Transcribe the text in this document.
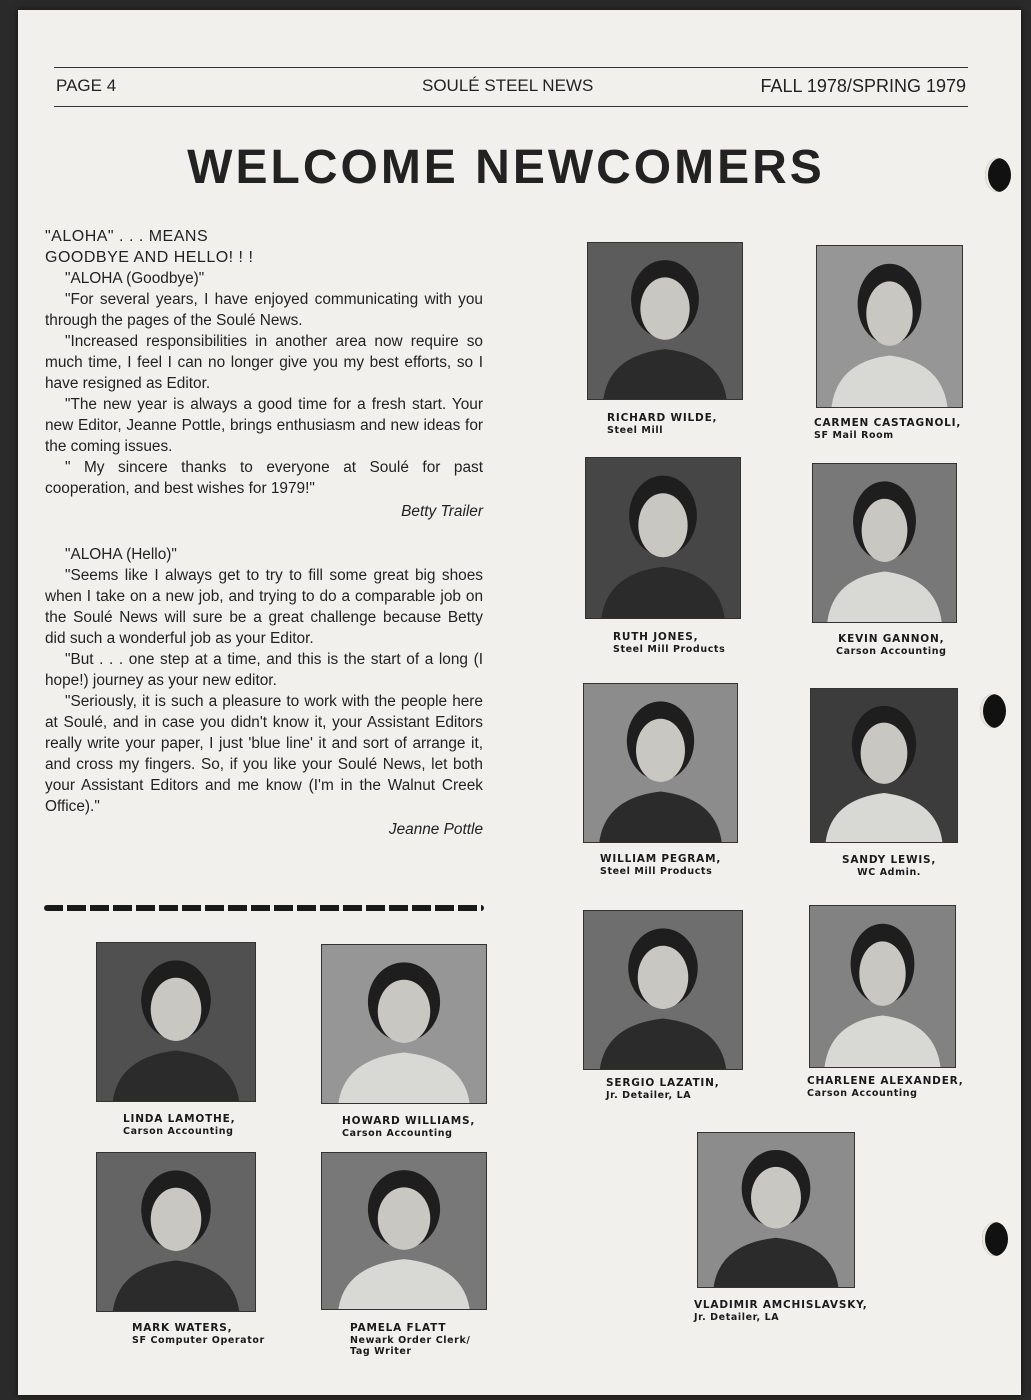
PAGE 4	SOULÉ STEEL NEWS	FALL 1978/SPRING 1979
WELCOME NEWCOMERS
"ALOHA" . . . MEANS
GOODBYE AND HELLO! ! !

"ALOHA (Goodbye)"

"For several years, I have enjoyed communicating with you through the pages of the Soulé News.

"Increased responsibilities in another area now require so much time, I feel I can no longer give you my best efforts, so I have resigned as Editor.

"The new year is always a good time for a fresh start. Your new Editor, Jeanne Pottle, brings enthusiasm and new ideas for the coming issues.

" My sincere thanks to everyone at Soulé for past cooperation, and best wishes for 1979!"

Betty Trailer

"ALOHA (Hello)"

"Seems like I always get to try to fill some great big shoes when I take on a new job, and trying to do a comparable job on the Soulé News will sure be a great challenge because Betty did such a wonderful job as your Editor.

"But . . . one step at a time, and this is the start of a long (I hope!) journey as your new editor.

"Seriously, it is such a pleasure to work with the people here at Soulé, and in case you didn't know it, your Assistant Editors really write your paper, I just 'blue line' it and sort of arrange it, and cross my fingers. So, if you like your Soulé News, let both your Assistant Editors and me know (I'm in the Walnut Creek Office)."

Jeanne Pottle

RICHARD WILDE,
Steel Mill
CARMEN CASTAGNOLI,
SF Mail Room
RUTH JONES,
Steel Mill Products
KEVIN GANNON,
Carson Accounting
WILLIAM PEGRAM,
Steel Mill Products
SANDY LEWIS,
WC Admin.
SERGIO LAZATIN,
Jr. Detailer, LA
CHARLENE ALEXANDER,
Carson Accounting
LINDA LAMOTHE,
Carson Accounting
HOWARD WILLIAMS,
Carson Accounting
MARK WATERS,
SF Computer Operator
PAMELA FLATT
Newark Order Clerk/
Tag Writer
VLADIMIR AMCHISLAVSKY,
Jr. Detailer, LA
